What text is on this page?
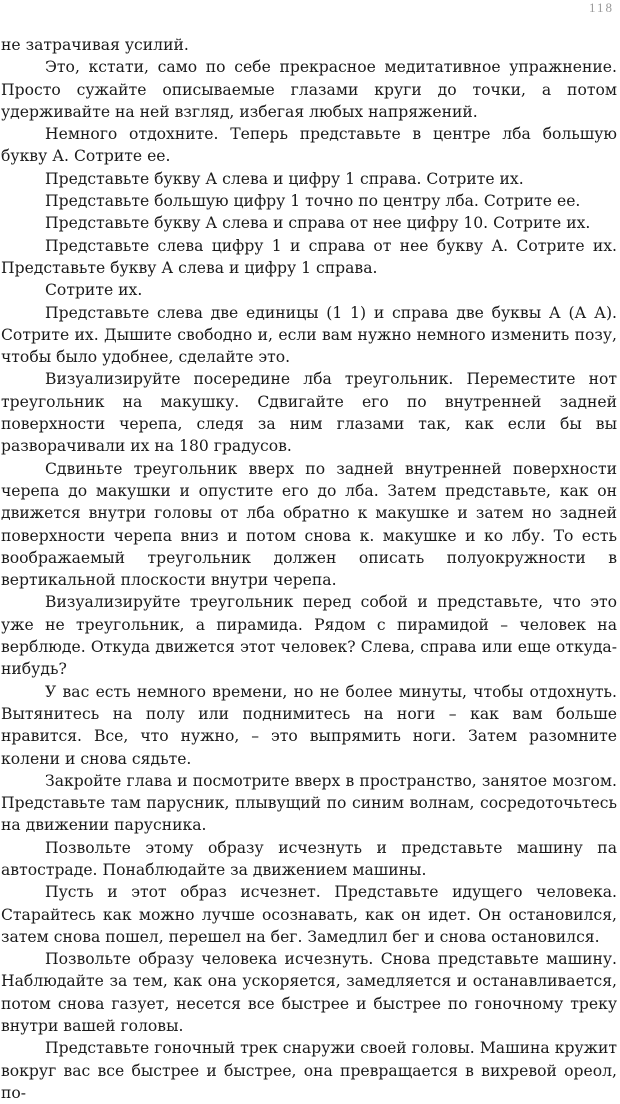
118

не затрачивая усилий.

Это, кстати, само по себе прекрасное медитативное упражнение. Просто сужайте описываемые глазами круги до точки, а потом удерживайте на ней взгляд, избегая любых напряжений.

Немного отдохните. Теперь представьте в центре лба большую букву А. Сотрите ее.

Представьте букву А слева и цифру 1 справа. Сотрите их.

Представьте большую цифру 1 точно по центру лба. Сотрите ее.

Представьте букву А слева и справа от нее цифру 10. Сотрите их.

Представьте слева цифру 1 и справа от нее букву А. Сотрите их. Представьте букву А слева и цифру 1 справа.

Сотрите их.

Представьте слева две единицы (1 1) и справа две буквы А (А А). Сотрите их. Дышите свободно и, если вам нужно немного изменить позу, чтобы было удобнее, сделайте это.

Визуализируйте посередине лба треугольник. Переместите нот треугольник на макушку. Сдвигайте его по внутренней задней поверхности черепа, следя за ним глазами так, как если бы вы разворачивали их на 180 градусов.

Сдвиньте треугольник вверх по задней внутренней поверхности черепа до макушки и опустите его до лба. Затем представьте, как он движется внутри головы от лба обратно к макушке и затем но задней поверхности черепа вниз и потом снова к. макушке и ко лбу. То есть воображаемый треугольник должен описать полуокружности в вертикальной плоскости внутри черепа.

Визуализируйте треугольник перед собой и представьте, что это уже не треугольник, а пирамида. Рядом с пирамидой – человек на верблюде. Откуда движется этот человек? Слева, справа или еще откуда-нибудь?

У вас есть немного времени, но не более минуты, чтобы отдохнуть. Вытянитесь на полу или поднимитесь на ноги – как вам больше нравится. Все, что нужно, – это выпрямить ноги. Затем разомните колени и снова сядьте.

Закройте глава и посмотрите вверх в пространство, занятое мозгом. Представьте там парусник, плывущий по синим волнам, сосредоточьтесь на движении парусника.

Позвольте этому образу исчезнуть и представьте машину па автостраде. Понаблюдайте за движением машины.

Пусть и этот образ исчезнет. Представьте идущего человека. Старайтесь как можно лучше осознавать, как он идет. Он остановился, затем снова пошел, перешел на бег. Замедлил бег и снова остановился.

Позвольте образу человека исчезнуть. Снова представьте машину. Наблюдайте за тем, как она ускоряется, замедляется и останавливается, потом снова газует, несется все быстрее и быстрее по гоночному треку внутри вашей головы.

Представьте гоночный трек снаружи своей головы. Машина кружит вокруг вас все быстрее и быстрее, она превращается в вихревой ореол, по-
